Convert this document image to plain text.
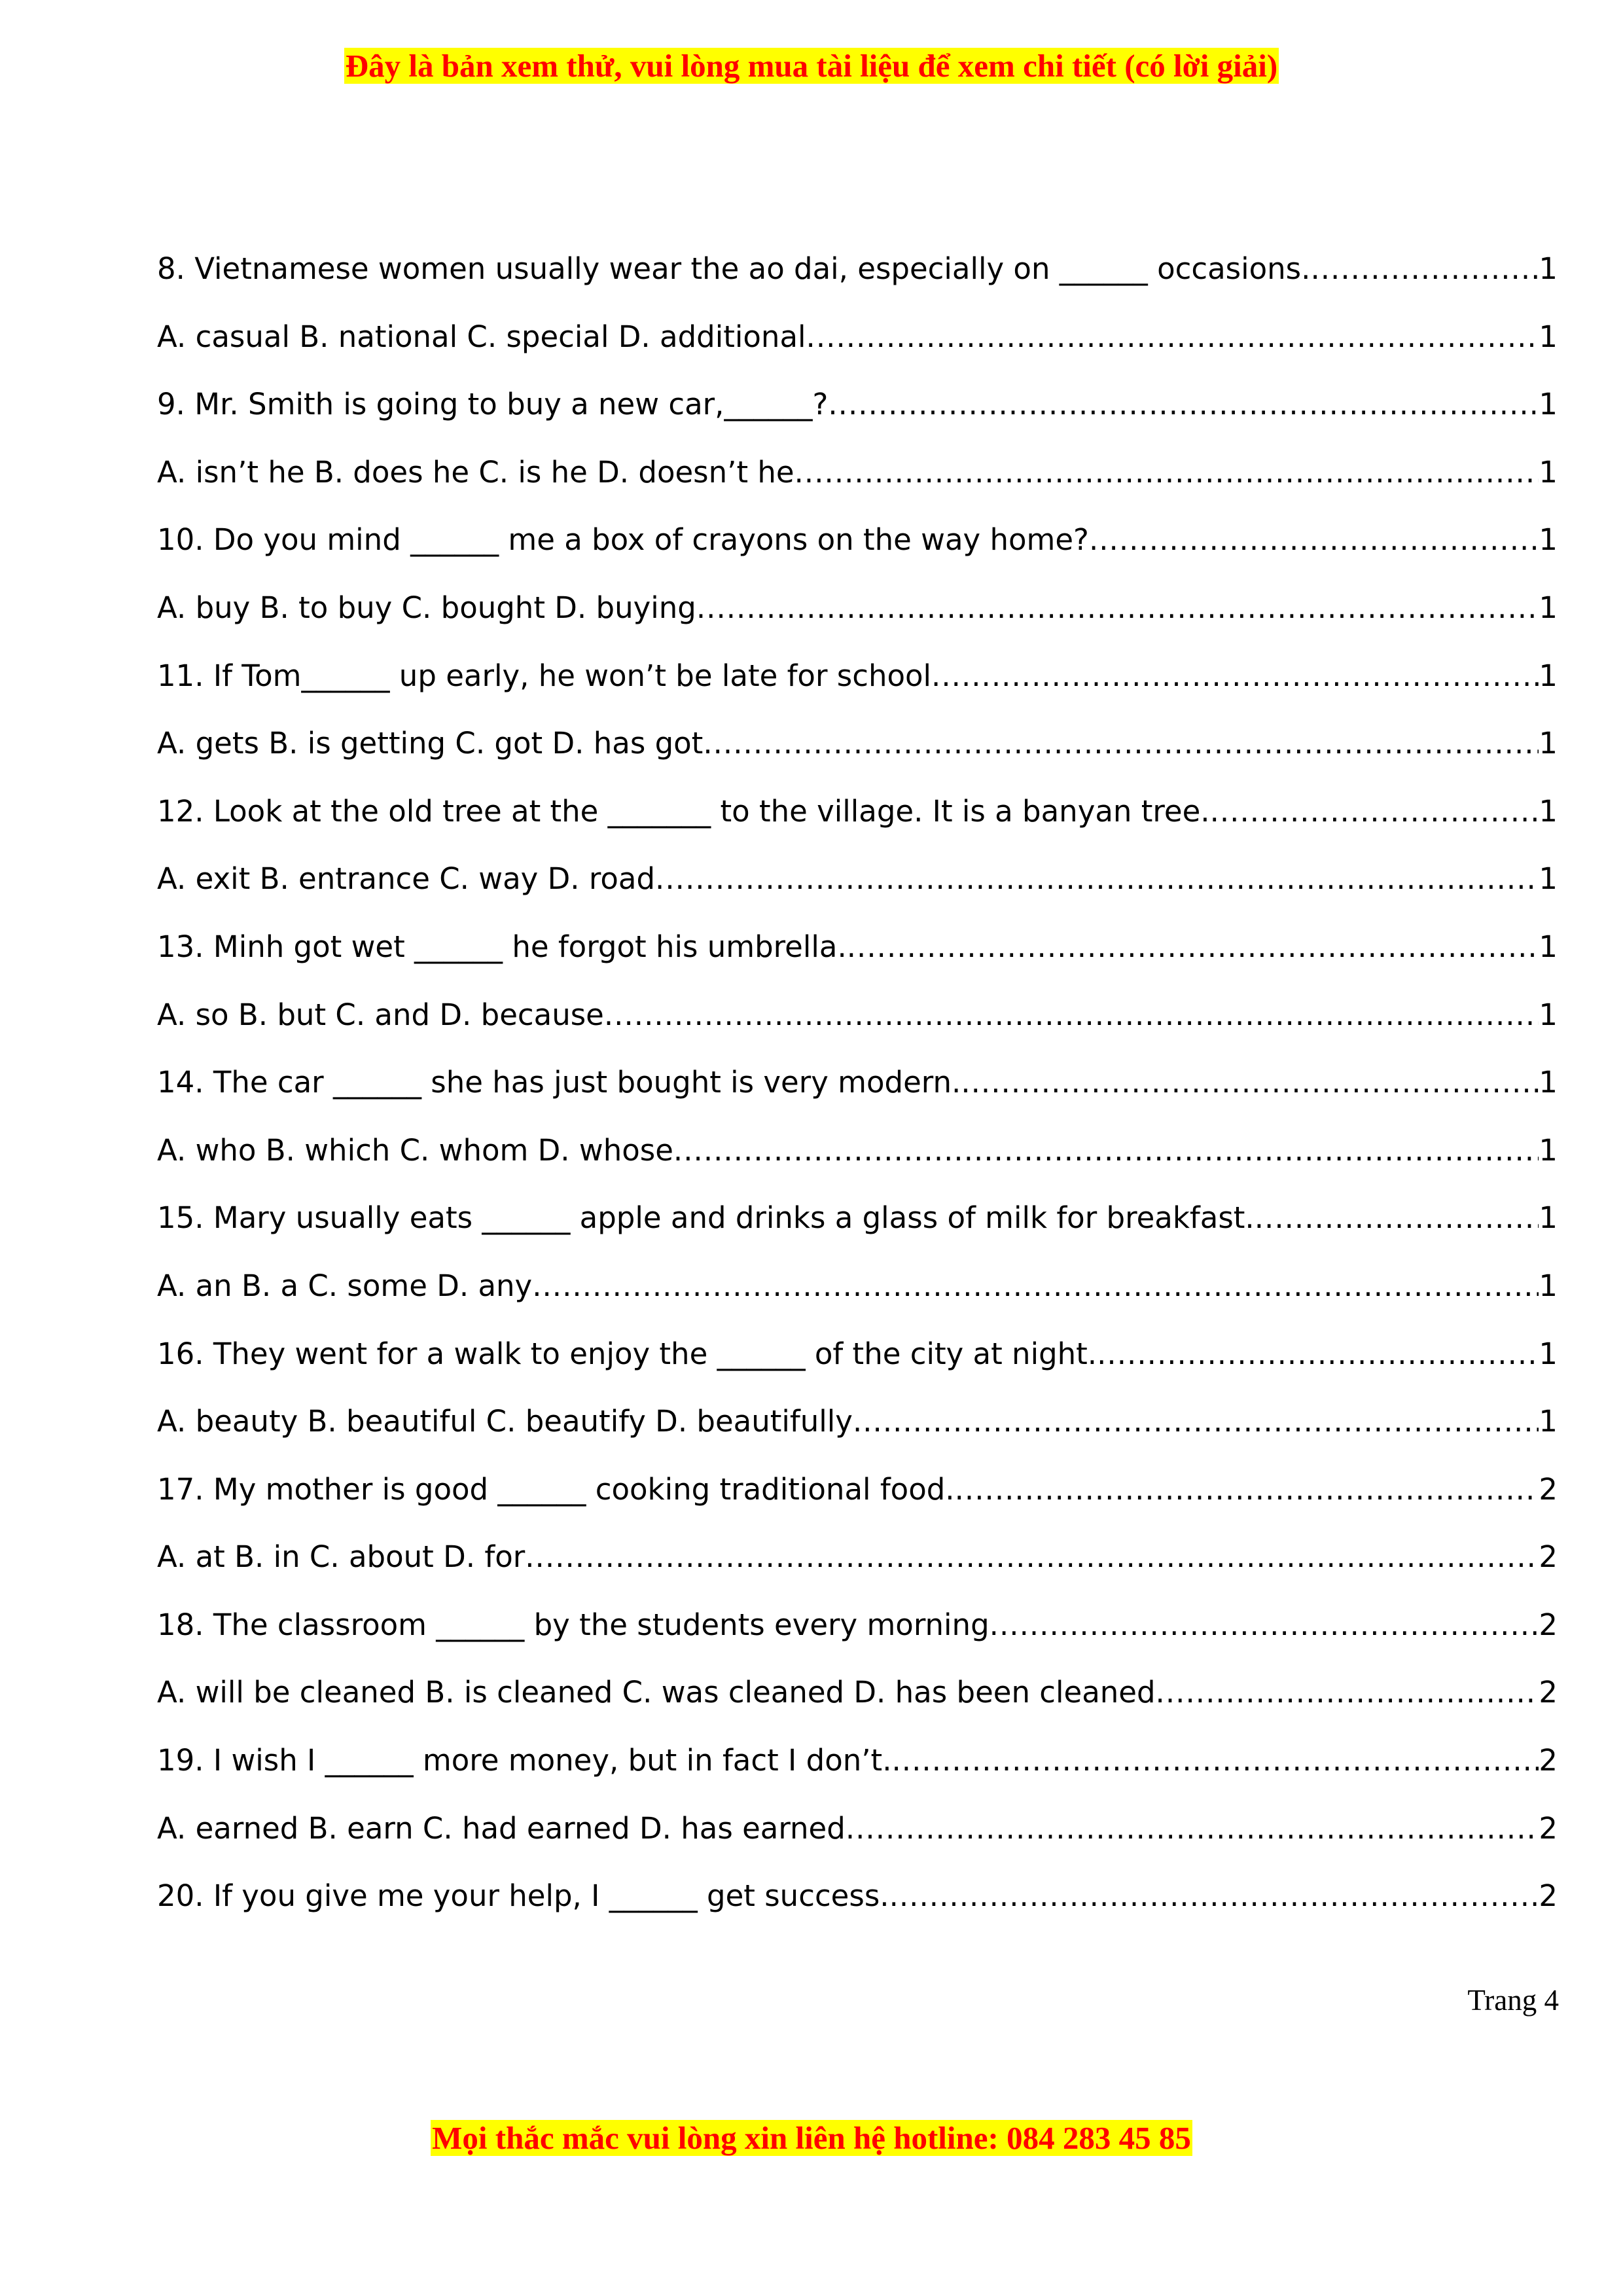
Đây là bản xem thử, vui lòng mua tài liệu để xem chi tiết (có lời giải)
8. Vietnamese women usually wear the ao dai, especially on ______ occasions. .....	1
A. casual B. national C. special D. additional .....	1
9. Mr. Smith is going to buy a new car,______? .....	1
A. isn’t he B. does he C. is he D. doesn’t he .....	1
10. Do you mind ______ me a box of crayons on the way home? .....	1
A. buy B. to buy C. bought D. buying .....	1
11. If Tom______ up early, he won’t be late for school .....	1
A. gets B. is getting C. got D. has got .....	1
12. Look at the old tree at the _______ to the village. It is a banyan tree. .....	1
A. exit B. entrance C. way D. road .....	1
13. Minh got wet ______ he forgot his umbrella. .....	1
A. so B. but C. and D. because .....	1
14. The car ______ she has just bought is very modern. .....	1
A. who B. which C. whom D. whose .....	1
15. Mary usually eats ______ apple and drinks a glass of milk for breakfast. .....	1
A. an B. a C. some D. any .....	1
16. They went for a walk to enjoy the ______ of the city at night. .....	1
A. beauty B. beautiful C. beautify D. beautifully .....	1
17. My mother is good ______ cooking traditional food. .....	2
A. at B. in C. about D. for .....	2
18. The classroom ______ by the students every morning .....	2
A. will be cleaned B. is cleaned C. was cleaned D. has been cleaned .....	2
19. I wish I ______ more money, but in fact I don’t. .....	2
A. earned B. earn C. had earned D. has earned .....	2
20. If you give me your help, I ______ get success. .....	2
Trang 4
Mọi thắc mắc vui lòng xin liên hệ hotline: 084 283 45 85
